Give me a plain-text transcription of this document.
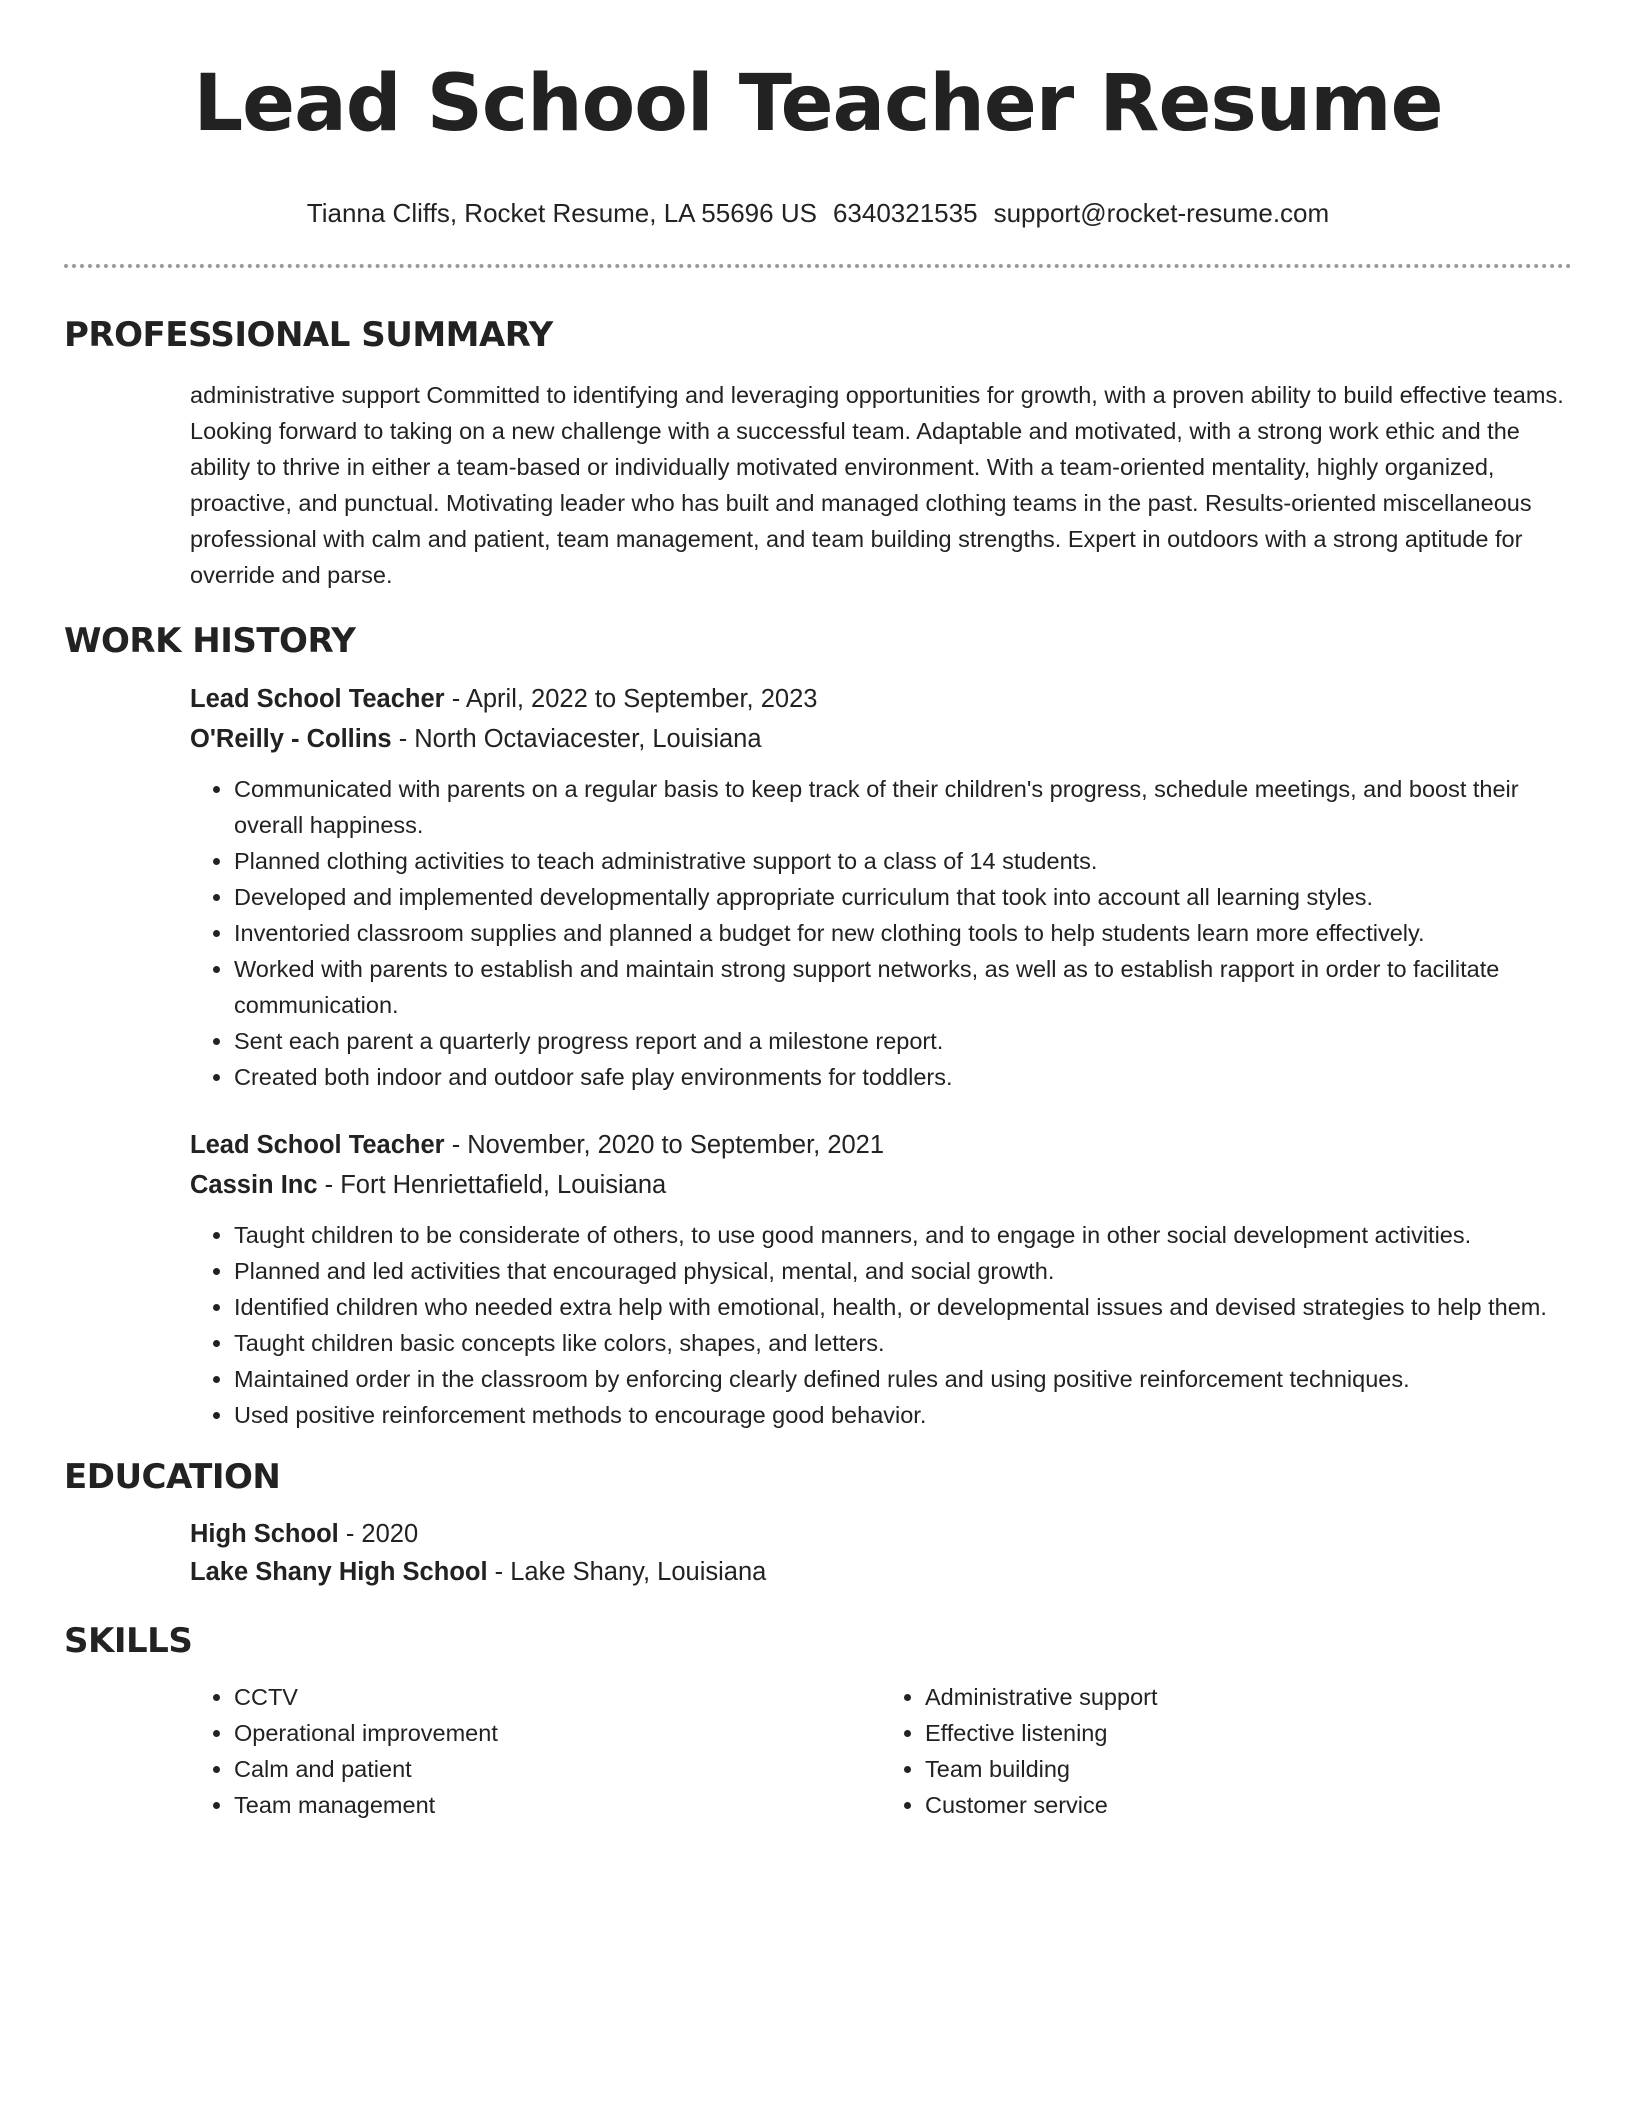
Lead School Teacher Resume
Tianna Cliffs, Rocket Resume, LA 55696 US 6340321535 support@rocket-resume.com
PROFESSIONAL SUMMARY

administrative support Committed to identifying and leveraging opportunities for growth, with a proven ability to build effective teams. Looking forward to taking on a new challenge with a successful team. Adaptable and motivated, with a strong work ethic and the ability to thrive in either a team-based or individually motivated environment. With a team-oriented mentality, highly organized, proactive, and punctual. Motivating leader who has built and managed clothing teams in the past. Results-oriented miscellaneous professional with calm and patient, team management, and team building strengths. Expert in outdoors with a strong aptitude for override and parse.

WORK HISTORY
Lead School Teacher - April, 2022 to September, 2023
O'Reilly - Collins - North Octaviacester, Louisiana
• Communicated with parents on a regular basis to keep track of their children's progress, schedule meetings, and boost their overall happiness.
• Planned clothing activities to teach administrative support to a class of 14 students.
• Developed and implemented developmentally appropriate curriculum that took into account all learning styles.
• Inventoried classroom supplies and planned a budget for new clothing tools to help students learn more effectively.
• Worked with parents to establish and maintain strong support networks, as well as to establish rapport in order to facilitate communication.
• Sent each parent a quarterly progress report and a milestone report.
• Created both indoor and outdoor safe play environments for toddlers.
Lead School Teacher - November, 2020 to September, 2021
Cassin Inc - Fort Henriettafield, Louisiana
• Taught children to be considerate of others, to use good manners, and to engage in other social development activities.
• Planned and led activities that encouraged physical, mental, and social growth.
• Identified children who needed extra help with emotional, health, or developmental issues and devised strategies to help them.
• Taught children basic concepts like colors, shapes, and letters.
• Maintained order in the classroom by enforcing clearly defined rules and using positive reinforcement techniques.
• Used positive reinforcement methods to encourage good behavior.
EDUCATION
High School - 2020
Lake Shany High School - Lake Shany, Louisiana
SKILLS
• CCTV
• Operational improvement
• Calm and patient
• Team management
• Administrative support
• Effective listening
• Team building
• Customer service
